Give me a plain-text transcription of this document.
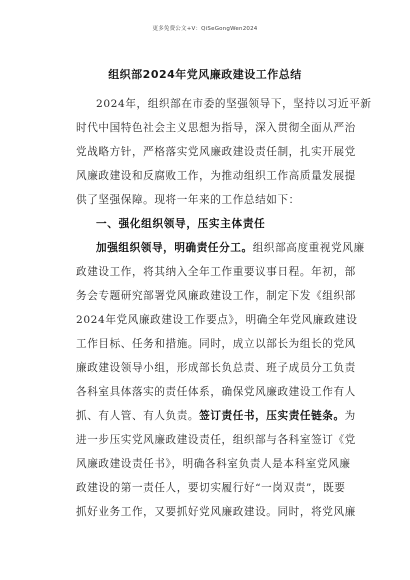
更多免费公文+V：QiSeGongWen2024
组织部2024年党风廉政建设工作总结
2024年，组织部在市委的坚强领导下，坚持以习近平新
时代中国特色社会主义思想为指导，深入贯彻全面从严治
党战略方针，严格落实党风廉政建设责任制，扎实开展党
风廉政建设和反腐败工作，为推动组织工作高质量发展提
供了坚强保障。现将一年来的工作总结如下：
一、强化组织领导，压实主体责任
加强组织领导，明确责任分工。组织部高度重视党风廉
政建设工作，将其纳入全年工作重要议事日程。年初，部
务会专题研究部署党风廉政建设工作，制定下发《组织部
2024年党风廉政建设工作要点》，明确全年党风廉政建设
工作目标、任务和措施。同时，成立以部长为组长的党风
廉政建设领导小组，形成部长负总责、班子成员分工负责
各科室具体落实的责任体系，确保党风廉政建设工作有人
抓、有人管、有人负责。签订责任书，压实责任链条。为
进一步压实党风廉政建设责任，组织部与各科室签订《党
风廉政建设责任书》，明确各科室负责人是本科室党风廉
政建设的第一责任人，要切实履行好“一岗双责”，既要
抓好业务工作，又要抓好党风廉政建设。同时，将党风廉
